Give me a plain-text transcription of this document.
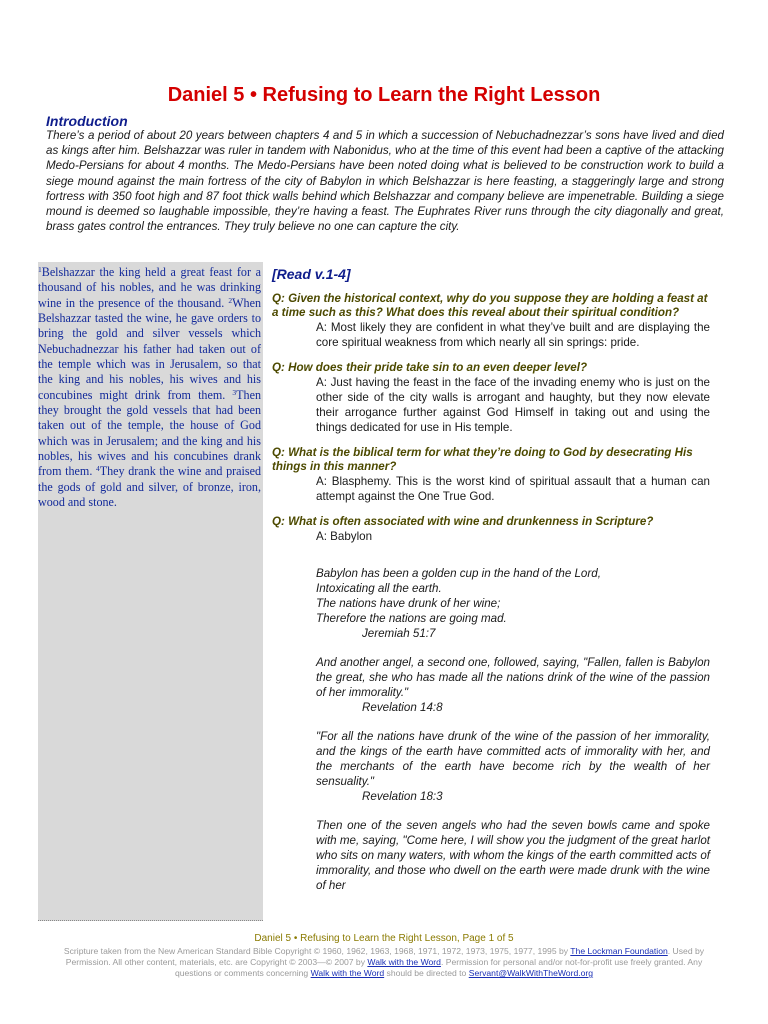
Daniel 5 • Refusing to Learn the Right Lesson
Introduction

There’s a period of about 20 years between chapters 4 and 5 in which a succession of Nebuchadnezzar’s sons have lived and died as kings after him. Belshazzar was ruler in tandem with Nabonidus, who at the time of this event had been a captive of the attacking Medo-Persians for about 4 months. The Medo-Persians have been noted doing what is believed to be construction work to build a siege mound against the main fortress of the city of Babylon in which Belshazzar is here feasting, a staggeringly large and strong fortress with 350 foot high and 87 foot thick walls behind which Belshazzar and company believe are impenetrable. Building a siege mound is deemed so laughable impossible, they’re having a feast. The Euphrates River runs through the city diagonally and great, brass gates control the entrances. They truly believe no one can capture the city.

$^1$Belshazzar the king held a great feast for a thousand of his nobles, and he was drinking wine in the presence of the thousand. $^2$When Belshazzar tasted the wine, he gave orders to bring the gold and silver vessels which Nebuchadnezzar his father had taken out of the temple which was in Jerusalem, so that the king and his nobles, his wives and his concubines might drink from them. $^3$Then they brought the gold vessels that had been taken out of the temple, the house of God which was in Jerusalem; and the king and his nobles, his wives and his concubines drank from them. $^4$They drank the wine and praised the gods of gold and silver, of bronze, iron, wood and stone.

[Read v.1-4]

Q: Given the historical context, why do you suppose they are holding a feast at a time such as this? What does this reveal about their spiritual condition?

A: Most likely they are confident in what they’ve built and are displaying the core spiritual weakness from which nearly all sin springs: pride.

Q: How does their pride take sin to an even deeper level?

A: Just having the feast in the face of the invading enemy who is just on the other side of the city walls is arrogant and haughty, but they now elevate their arrogance further against God Himself in taking out and using the things dedicated for use in His temple.

Q: What is the biblical term for what they’re doing to God by desecrating His things in this manner?

A: Blasphemy. This is the worst kind of spiritual assault that a human can attempt against the One True God.

Q: What is often associated with wine and drunkenness in Scripture?

A: Babylon

Babylon has been a golden cup in the hand of the Lord,
Intoxicating all the earth.
The nations have drunk of her wine;
Therefore the nations are going mad.
Jeremiah 51:7

And another angel, a second one, followed, saying, "Fallen, fallen is Babylon the great, she who has made all the nations drink of the wine of the passion of her immorality."
Revelation 14:8

"For all the nations have drunk of the wine of the passion of her immorality, and the kings of the earth have committed acts of immorality with her, and the merchants of the earth have become rich by the wealth of her sensuality."
Revelation 18:3

Then one of the seven angels who had the seven bowls came and spoke with me, saying, "Come here, I will show you the judgment of the great harlot who sits on many waters, with whom the kings of the earth committed acts of immorality, and those who dwell on the earth were made drunk with the wine of her

Daniel 5 • Refusing to Learn the Right Lesson, Page 1 of 5

Scripture taken from the New American Standard Bible Copyright © 1960, 1962, 1963, 1968, 1971, 1972, 1973, 1975, 1977, 1995 by The Lockman Foundation. Used by Permission. All other content, materials, etc. are Copyright © 2003—© 2007 by Walk with the Word. Permission for personal and/or not-for-profit use freely granted. Any questions or comments concerning Walk with the Word should be directed to Servant@WalkWithTheWord.org
